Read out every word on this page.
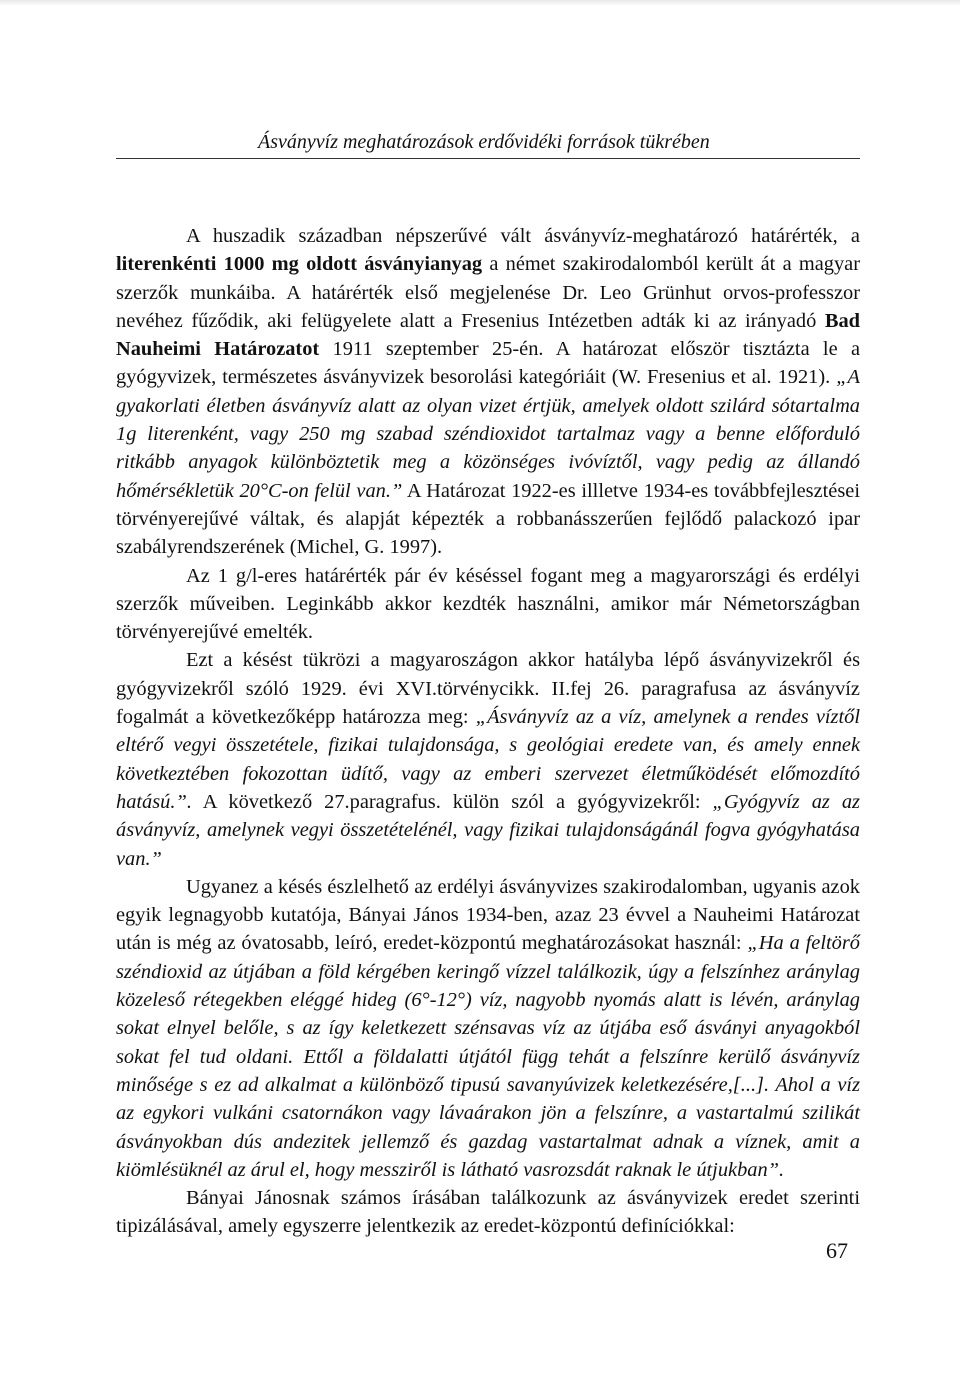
Ásványvíz meghatározások erdővidéki források tükrében

A huszadik században népszerűvé vált ásványvíz-meghatározó határérték, a literenkénti 1000 mg oldott ásványianyag a német szakirodalomból került át a magyar szerzők munkáiba. A határérték első megjelenése Dr. Leo Grünhut orvos-professzor nevéhez fűződik, aki felügyelete alatt a Fresenius Intézetben adták ki az irányadó Bad Nauheimi Határozatot 1911 szeptember 25-én. A határozat először tisztázta le a gyógyvizek, természetes ásványvizek besorolási kategóriáit (W. Fresenius et al. 1921). „A gyakorlati életben ásványvíz alatt az olyan vizet értjük, amelyek oldott szilárd sótartalma 1g literenként, vagy 250 mg szabad széndioxidot tartalmaz vagy a benne előforduló ritkább anyagok különböztetik meg a közönséges ivóvíztől, vagy pedig az állandó hőmérsékletük 20°C-on felül van.” A Határozat 1922-es illletve 1934-es továbbfejlesztései törvényerejűvé váltak, és alapját képezték a robbanásszerűen fejlődő palackozó ipar szabályrendszerének (Michel, G. 1997).

Az 1 g/l-eres határérték pár év késéssel fogant meg a magyarországi és erdélyi szerzők műveiben. Leginkább akkor kezdték használni, amikor már Németországban törvényerejűvé emelték.

Ezt a késést tükrözi a magyaroszágon akkor hatályba lépő ásványvizekről és gyógyvizekről szóló 1929. évi XVI.törvénycikk. II.fej 26. paragrafusa az ásványvíz fogalmát a következőképp határozza meg: „Ásványvíz az a víz, amelynek a rendes víztől eltérő vegyi összetétele, fizikai tulajdonsága, s geológiai eredete van, és amely ennek következtében fokozottan üdítő, vagy az emberi szervezet életműködését előmozdító hatású.”. A következő 27.paragrafus. külön szól a gyógyvizekről: „Gyógyvíz az az ásványvíz, amelynek vegyi összetételénél, vagy fizikai tulajdonságánál fogva gyógyhatása van.”

Ugyanez a késés észlelhető az erdélyi ásványvizes szakirodalomban, ugyanis azok egyik legnagyobb kutatója, Bányai János 1934-ben, azaz 23 évvel a Nauheimi Határozat után is még az óvatosabb, leíró, eredet-központú meghatározásokat használ: „Ha a feltörő széndioxid az útjában a föld kérgében keringő vízzel találkozik, úgy a felszínhez aránylag közeleső rétegekben eléggé hideg (6°-12°) víz, nagyobb nyomás alatt is lévén, aránylag sokat elnyel belőle, s az így keletkezett szénsavas víz az útjába eső ásványi anyagokból sokat fel tud oldani. Ettől a földalatti útjától függ tehát a felszínre kerülő ásványvíz minősége s ez ad alkalmat a különböző tipusú savanyúvizek keletkezésére,[...]. Ahol a víz az egykori vulkáni csatornákon vagy lávaárakon jön a felszínre, a vastartalmú szilikát ásványokban dús andezitek jellemző és gazdag vastartalmat adnak a víznek, amit a kiömlésüknél az árul el, hogy messziről is látható vasrozsdát raknak le útjukban”.

Bányai Jánosnak számos írásában találkozunk az ásványvizek eredet szerinti tipizálásával, amely egyszerre jelentkezik az eredet-központú definíciókkal:

67
